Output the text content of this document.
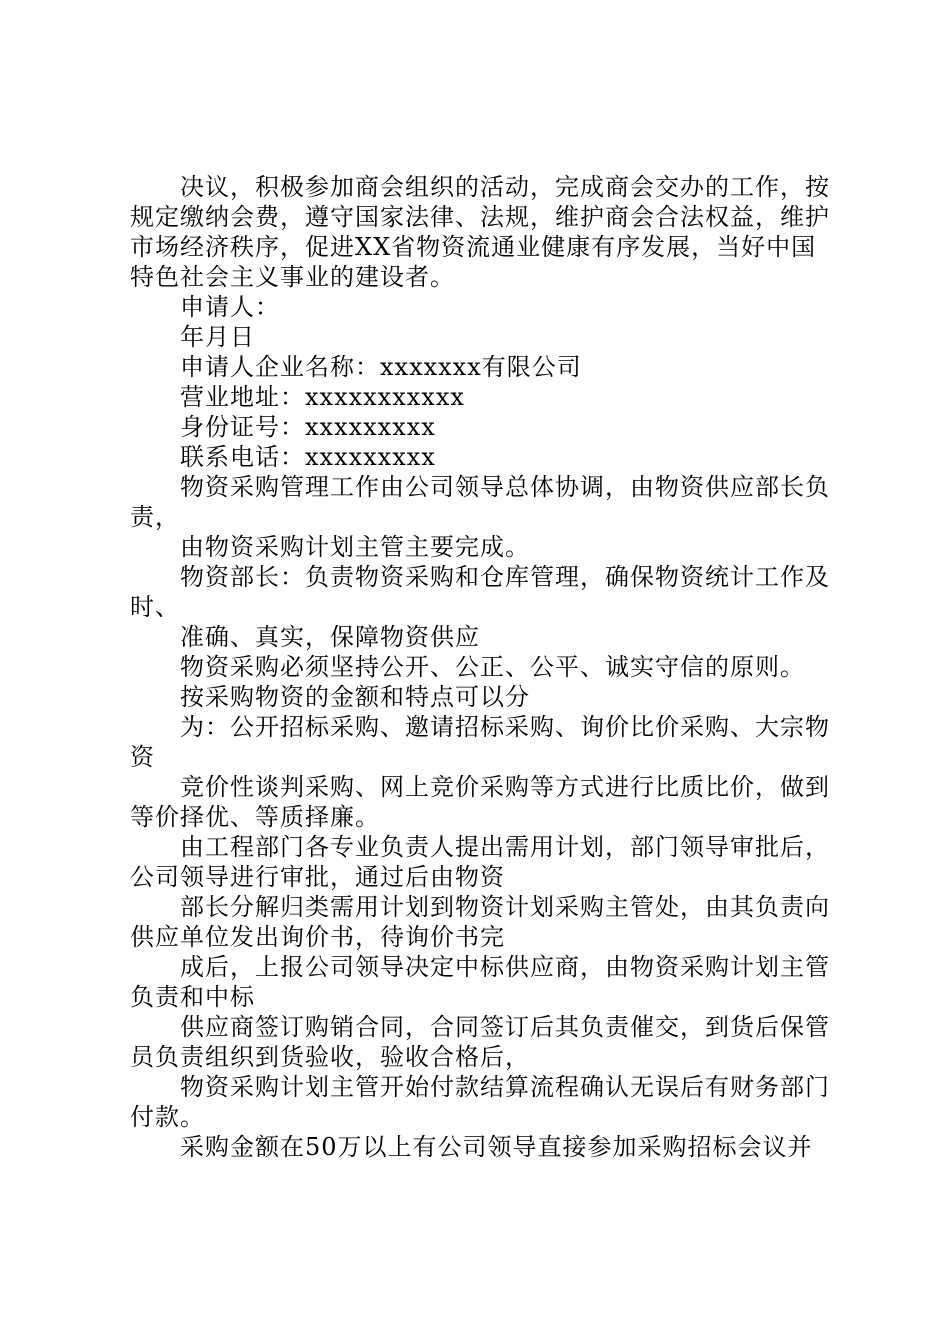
决议，积极参加商会组织的活动，完成商会交办的工作，按规定缴纳会费，遵守国家法律、法规，维护商会合法权益，维护市场经济秩序，促进XX省物资流通业健康有序发展，当好中国特色社会主义事业的建设者。

申请人：

年月日

申请人企业名称：xxxxxxx有限公司

营业地址：xxxxxxxxxxx

身份证号：xxxxxxxxx

联系电话：xxxxxxxxx

物资采购管理工作由公司领导总体协调，由物资供应部长负责，

由物资采购计划主管主要完成。

物资部长：负责物资采购和仓库管理，确保物资统计工作及时、

准确、真实，保障物资供应

物资采购必须坚持公开、公正、公平、诚实守信的原则。

按采购物资的金额和特点可以分

为：公开招标采购、邀请招标采购、询价比价采购、大宗物资

竞价性谈判采购、网上竞价采购等方式进行比质比价，做到等价择优、等质择廉。

由工程部门各专业负责人提出需用计划，部门领导审批后，公司领导进行审批，通过后由物资

部长分解归类需用计划到物资计划采购主管处，由其负责向供应单位发出询价书，待询价书完

成后，上报公司领导决定中标供应商，由物资采购计划主管负责和中标

供应商签订购销合同，合同签订后其负责催交，到货后保管员负责组织到货验收，验收合格后，

物资采购计划主管开始付款结算流程确认无误后有财务部门付款。

采购金额在50万以上有公司领导直接参加采购招标会议并
